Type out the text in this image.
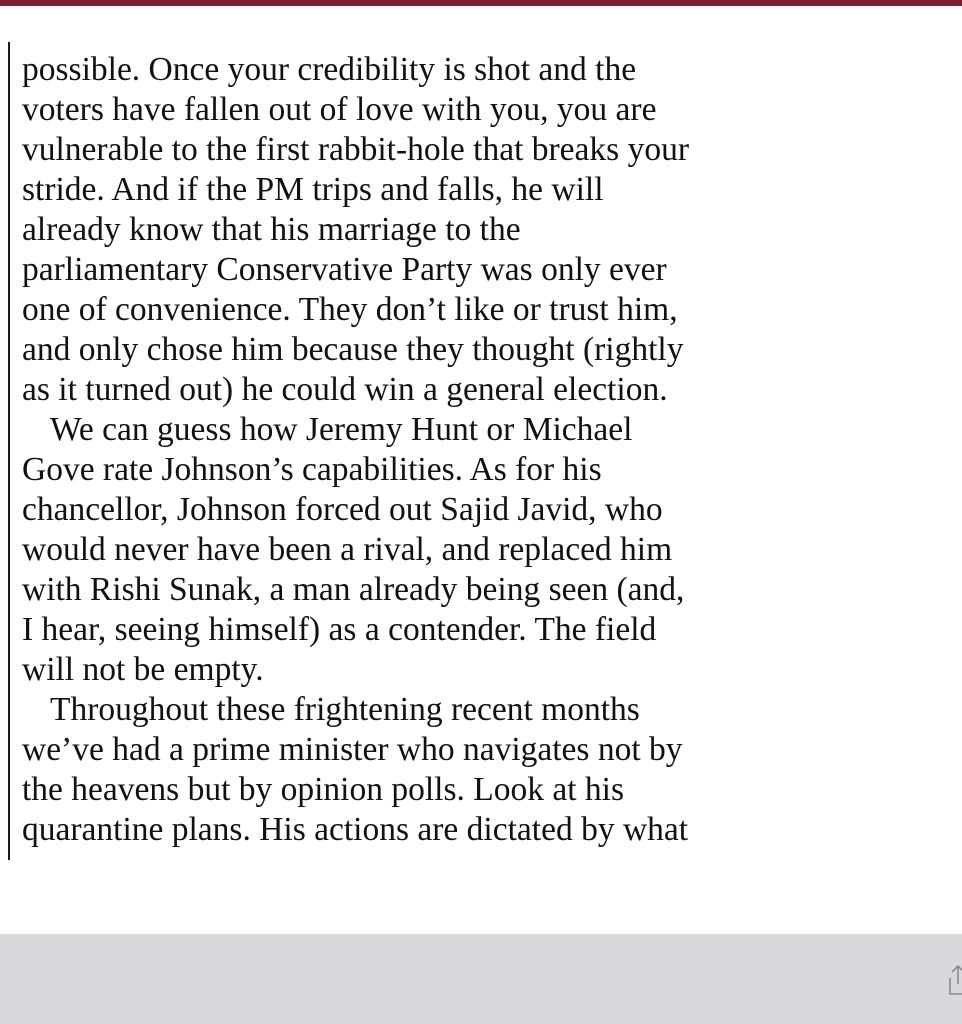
possible. Once your credibility is shot and the
voters have fallen out of love with you, you are
vulnerable to the first rabbit-hole that breaks your
stride. And if the PM trips and falls, he will
already know that his marriage to the
parliamentary Conservative Party was only ever
one of convenience. They don’t like or trust him,
and only chose him because they thought (rightly
as it turned out) he could win a general election.
We can guess how Jeremy Hunt or Michael
Gove rate Johnson’s capabilities. As for his
chancellor, Johnson forced out Sajid Javid, who
would never have been a rival, and replaced him
with Rishi Sunak, a man already being seen (and,
I hear, seeing himself) as a contender. The field
will not be empty.
Throughout these frightening recent months
we’ve had a prime minister who navigates not by
the heavens but by opinion polls. Look at his
quarantine plans. His actions are dictated by what
